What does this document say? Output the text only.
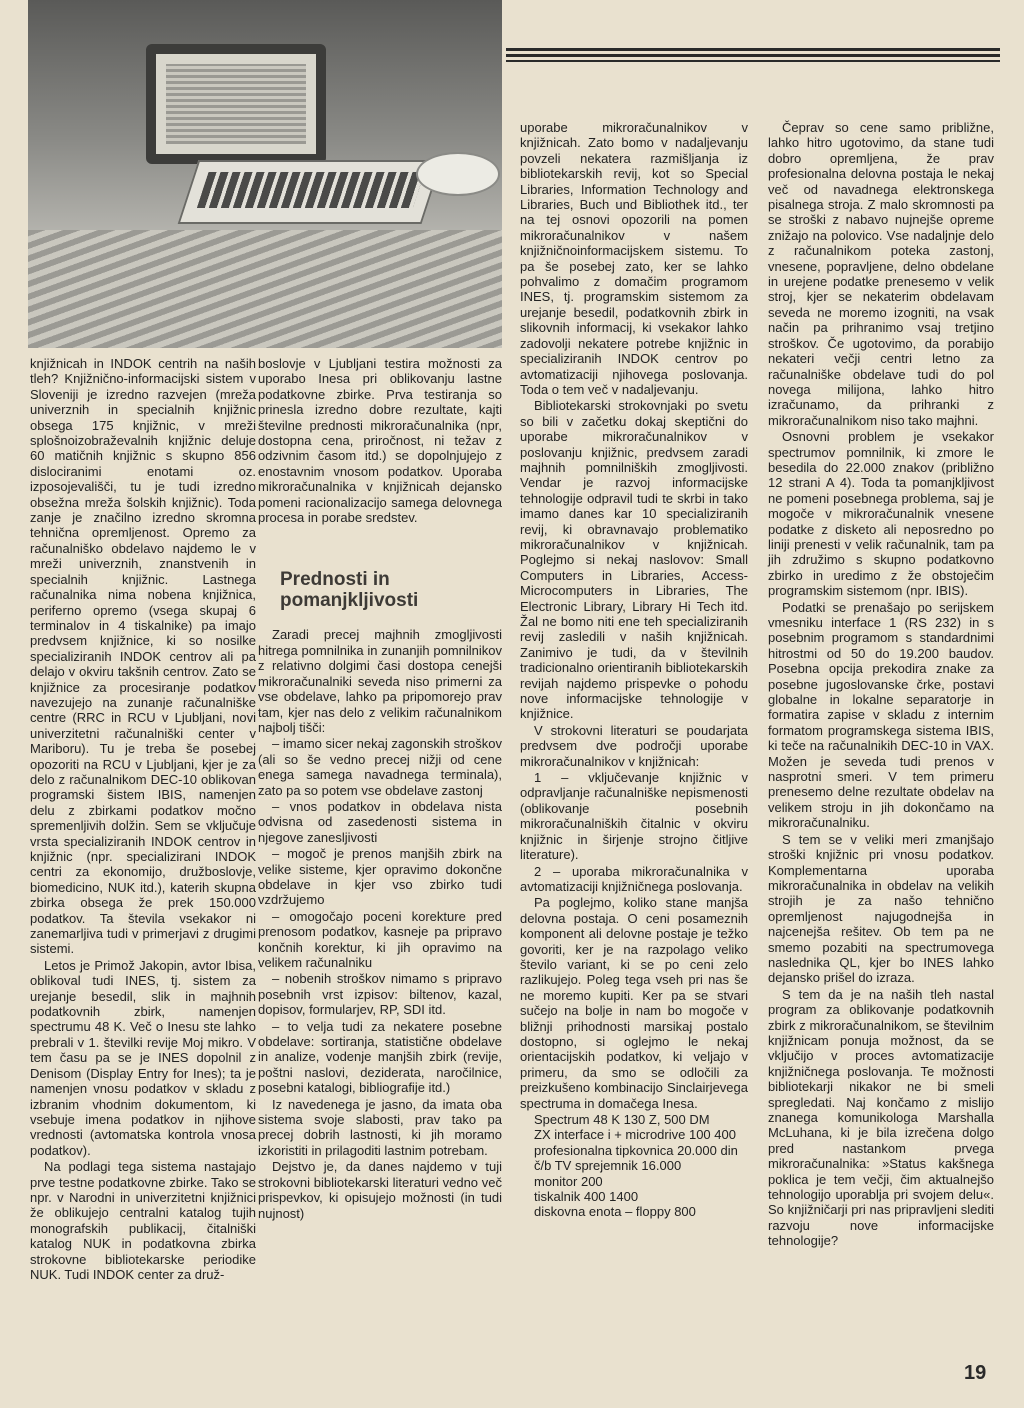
knjižnicah in INDOK centrih na naših tleh? Knjižnično-informacijski sistem v Sloveniji je izredno razvejen (mreža univerznih in specialnih knjižnic obsega 175 knjižnic, v mreži splošnoizobraževalnih knjižnic deluje 60 matičnih knjižnic s skupno 856 dislociranimi enotami oz. izposojevališči, tu je tudi izredno obsežna mreža šolskih knjižnic). Toda zanje je značilno izredno skromna tehnična opremljenost. Opremo za računalniško obdelavo najdemo le v mreži univerznih, znanstvenih in specialnih knjižnic. Lastnega računalnika nima nobena knjižnica, periferno opremo (vsega skupaj 6 terminalov in 4 tiskalnike) pa imajo predvsem knjižnice, ki so nosilke specializiranih INDOK centrov ali pa delajo v okviru takšnih centrov. Zato se knjižnice za procesiranje podatkov navezujejo na zunanje računalniške centre (RRC in RCU v Ljubljani, novi univerzitetni računalniški center v Mariboru). Tu je treba še posebej opozoriti na RCU v Ljubljani, kjer je za delo z računalnikom DEC-10 oblikovan programski šistem IBIS, namenjen delu z zbirkami podatkov močno spremenljivih dolžin. Sem se vključuje vrsta specializiranih INDOK centrov in knjižnic (npr. specializirani INDOK centri za ekonomijo, družboslovje, biomedicino, NUK itd.), katerih skupna zbirka obsega že prek 150.000 podatkov. Ta števila vsekakor ni zanemarljiva tudi v primerjavi z drugimi sistemi.

Letos je Primož Jakopin, avtor Ibisa, oblikoval tudi INES, tj. sistem za urejanje besedil, slik in majhnih podatkovnih zbirk, namenjen spectrumu 48 K. Več o Inesu ste lahko prebrali v 1. številki revije Moj mikro. V tem času pa se je INES dopolnil z Denisom (Display Entry for Ines); ta je namenjen vnosu podatkov v skladu z izbranim vhodnim dokumentom, ki vsebuje imena podatkov in njihove vrednosti (avtomatska kontrola vnosa podatkov).

Na podlagi tega sistema nastajajo prve testne podatkovne zbirke. Tako se npr. v Narodni in univerzitetni knjižnici že oblikujejo centralni katalog tujih monografskih publikacij, čitalniški katalog NUK in podatkovna zbirka strokovne bibliotekarske periodike NUK. Tudi INDOK center za druž-

boslovje v Ljubljani testira možnosti za uporabo Inesa pri oblikovanju lastne podatkovne zbirke. Prva testiranja so prinesla izredno dobre rezultate, kajti številne prednosti mikroračunalnika (npr, dostopna cena, priročnost, ni težav z odzivnim časom itd.) se dopolnjujejo z enostavnim vnosom podatkov. Uporaba mikroračunalnika v knjižnicah dejansko pomeni racionalizacijo samega delovnega procesa in porabe sredstev.

Prednosti in pomanjkljivosti

Zaradi precej majhnih zmogljivosti hitrega pomnilnika in zunanjih pomnilnikov z relativno dolgimi časi dostopa cenejši mikroračunalniki seveda niso primerni za vse obdelave, lahko pa pripomorejo prav tam, kjer nas delo z velikim računalnikom najbolj tišči:

– imamo sicer nekaj zagonskih stroškov (ali so še vedno precej nižji od cene enega samega navadnega terminala), zato pa so potem vse obdelave zastonj

– vnos podatkov in obdelava nista odvisna od zasedenosti sistema in njegove zanesljivosti

– mogoč je prenos manjših zbirk na velike sisteme, kjer opravimo dokončne obdelave in kjer vso zbirko tudi vzdržujemo

– omogočajo poceni korekture pred prenosom podatkov, kasneje pa pripravo končnih korektur, ki jih opravimo na velikem računalniku

– nobenih stroškov nimamo s pripravo posebnih vrst izpisov: biltenov, kazal, dopisov, formularjev, RP, SDI itd.

– to velja tudi za nekatere posebne obdelave: sortiranja, statistične obdelave in analize, vodenje manjših zbirk (revije, poštni naslovi, deziderata, naročilnice, posebni katalogi, bibliografije itd.)

Iz navedenega je jasno, da imata oba sistema svoje slabosti, prav tako pa precej dobrih lastnosti, ki jih moramo izkoristiti in prilagoditi lastnim potrebam.

Dejstvo je, da danes najdemo v tuji strokovni bibliotekarski literaturi vedno več prispevkov, ki opisujejo možnosti (in tudi nujnost)

uporabe mikroračunalnikov v knjižnicah. Zato bomo v nadaljevanju povzeli nekatera razmišljanja iz bibliotekarskih revij, kot so Special Libraries, Information Technology and Libraries, Buch und Bibliothek itd., ter na tej osnovi opozorili na pomen mikroračunalnikov v našem knjižničnoinformacijskem sistemu. To pa še posebej zato, ker se lahko pohvalimo z domačim programom INES, tj. programskim sistemom za urejanje besedil, podatkovnih zbirk in slikovnih informacij, ki vsekakor lahko zadovolji nekatere potrebe knjižnic in specializiranih INDOK centrov po avtomatizaciji njihovega poslovanja. Toda o tem več v nadaljevanju.

Bibliotekarski strokovnjaki po svetu so bili v začetku dokaj skeptični do uporabe mikroračunalnikov v poslovanju knjižnic, predvsem zaradi majhnih pomnilniških zmogljivosti. Vendar je razvoj informacijske tehnologije odpravil tudi te skrbi in tako imamo danes kar 10 specializiranih revij, ki obravnavajo problematiko mikroračunalnikov v knjižnicah. Poglejmo si nekaj naslovov: Small Computers in Libraries, Access-Microcomputers in Libraries, The Electronic Library, Library Hi Tech itd. Žal ne bomo niti ene teh specializiranih revij zasledili v naših knjižnicah. Zanimivo je tudi, da v številnih tradicionalno orientiranih bibliotekarskih revijah najdemo prispevke o pohodu nove informacijske tehnologije v knjižnice.

V strokovni literaturi se poudarjata predvsem dve področji uporabe mikroračunalnikov v knjižnicah:

1 – vključevanje knjižnic v odpravljanje računalniške nepismenosti (oblikovanje posebnih mikroračunalniških čitalnic v okviru knjižnic in širjenje strojno čitljive literature).

2 – uporaba mikroračunalnika v avtomatizaciji knjižničnega poslovanja.

Pa poglejmo, koliko stane manjša delovna postaja. O ceni posameznih komponent ali delovne postaje je težko govoriti, ker je na razpolago veliko število variant, ki se po ceni zelo razlikujejo. Poleg tega vseh pri nas še ne moremo kupiti. Ker pa se stvari sučejo na bolje in nam bo mogoče v bližnji prihodnosti marsikaj postalo dostopno, si oglejmo le nekaj orientacijskih podatkov, ki veljajo v primeru, da smo se odločili za preizkušeno kombinacijo Sinclairjevega spectruma in domačega Inesa.

Spectrum 48 K 130 Z, 500 DM

ZX interface i + microdrive 100 400

profesionalna tipkovnica 20.000 din

č/b TV sprejemnik 16.000

monitor 200

tiskalnik 400 1400

diskovna enota – floppy 800

Čeprav so cene samo približne, lahko hitro ugotovimo, da stane tudi dobro opremljena, že prav profesionalna delovna postaja le nekaj več od navadnega elektronskega pisalnega stroja. Z malo skromnosti pa se stroški z nabavo nujnejše opreme znižajo na polovico. Vse nadaljnje delo z računalnikom poteka zastonj, vnesene, popravljene, delno obdelane in urejene podatke prenesemo v velik stroj, kjer se nekaterim obdelavam seveda ne moremo izogniti, na vsak način pa prihranimo vsaj tretjino stroškov. Če ugotovimo, da porabijo nekateri večji centri letno za računalniške obdelave tudi do pol novega milijona, lahko hitro izračunamo, da prihranki z mikroračunalnikom niso tako majhni.

Osnovni problem je vsekakor spectrumov pomnilnik, ki zmore le besedila do 22.000 znakov (približno 12 strani A 4). Toda ta pomanjkljivost ne pomeni posebnega problema, saj je mogoče v mikroračunalnik vnesene podatke z disketo ali neposredno po liniji prenesti v velik računalnik, tam pa jih združimo s skupno podatkovno zbirko in uredimo z že obstoječim programskim sistemom (npr. IBIS).

Podatki se prenašajo po serijskem vmesniku interface 1 (RS 232) in s posebnim programom s standardnimi hitrostmi od 50 do 19.200 baudov. Posebna opcija prekodira znake za posebne jugoslovanske črke, postavi globalne in lokalne separatorje in formatira zapise v skladu z internim formatom programskega sistema IBIS, ki teče na računalnikih DEC-10 in VAX. Možen je seveda tudi prenos v nasprotni smeri. V tem primeru prenesemo delne rezultate obdelav na velikem stroju in jih dokončamo na mikroračunalniku.

S tem se v veliki meri zmanjšajo stroški knjižnic pri vnosu podatkov. Komplementarna uporaba mikroračunalnika in obdelav na velikih strojih je za našo tehnično opremljenost najugodnejša in najcenejša rešitev. Ob tem pa ne smemo pozabiti na spectrumovega naslednika QL, kjer bo INES lahko dejansko prišel do izraza.

S tem da je na naših tleh nastal program za oblikovanje podatkovnih zbirk z mikroračunalnikom, se številnim knjižnicam ponuja možnost, da se vključijo v proces avtomatizacije knjižničnega poslovanja. Te možnosti bibliotekarji nikakor ne bi smeli spregledati. Naj končamo z mislijo znanega komunikologa Marshalla McLuhana, ki je bila izrečena dolgo pred nastankom prvega mikroračunalnika: »Status kakšnega poklica je tem večji, čim aktualnejšo tehnologijo uporablja pri svojem delu«. So knjižničarji pri nas pripravljeni slediti razvoju nove informacijske tehnologije?

19
